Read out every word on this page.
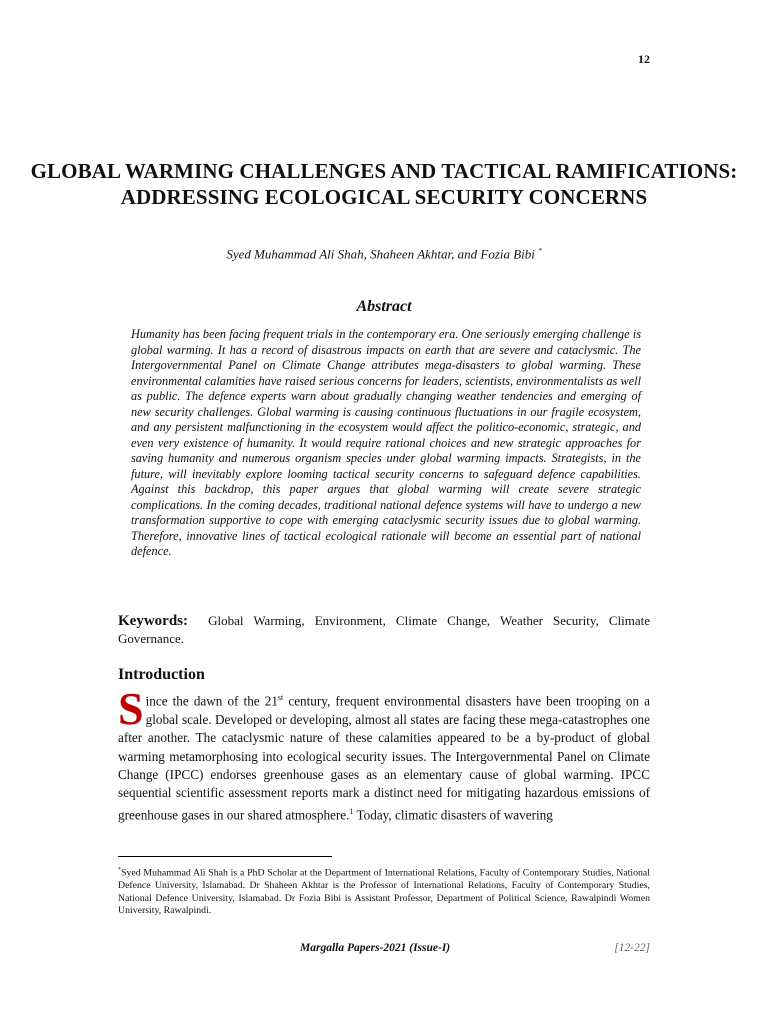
12
GLOBAL WARMING CHALLENGES AND TACTICAL RAMIFICATIONS: ADDRESSING ECOLOGICAL SECURITY CONCERNS
Syed Muhammad Ali Shah, Shaheen Akhtar, and Fozia Bibi *
Abstract
Humanity has been facing frequent trials in the contemporary era. One seriously emerging challenge is global warming. It has a record of disastrous impacts on earth that are severe and cataclysmic. The Intergovernmental Panel on Climate Change attributes mega-disasters to global warming. These environmental calamities have raised serious concerns for leaders, scientists, environmentalists as well as public. The defence experts warn about gradually changing weather tendencies and emerging of new security challenges. Global warming is causing continuous fluctuations in our fragile ecosystem, and any persistent malfunctioning in the ecosystem would affect the politico-economic, strategic, and even very existence of humanity. It would require rational choices and new strategic approaches for saving humanity and numerous organism species under global warming impacts. Strategists, in the future, will inevitably explore looming tactical security concerns to safeguard defence capabilities. Against this backdrop, this paper argues that global warming will create severe strategic complications. In the coming decades, traditional national defence systems will have to undergo a new transformation supportive to cope with emerging cataclysmic security issues due to global warming. Therefore, innovative lines of tactical ecological rationale will become an essential part of national defence.
Keywords: Global Warming, Environment, Climate Change, Weather Security, Climate Governance.
Introduction
Since the dawn of the 21st century, frequent environmental disasters have been trooping on a global scale. Developed or developing, almost all states are facing these mega-catastrophes one after another. The cataclysmic nature of these calamities appeared to be a by-product of global warming metamorphosing into ecological security issues. The Intergovernmental Panel on Climate Change (IPCC) endorses greenhouse gases as an elementary cause of global warming. IPCC sequential scientific assessment reports mark a distinct need for mitigating hazardous emissions of greenhouse gases in our shared atmosphere.$^1$ Today, climatic disasters of wavering
*Syed Muhammad Ali Shah is a PhD Scholar at the Department of International Relations, Faculty of Contemporary Studies, National Defence University, Islamabad. Dr Shaheen Akhtar is the Professor of International Relations, Faculty of Contemporary Studies, National Defence University, Islamabad. Dr Fozia Bibi is Assistant Professor, Department of Political Science, Rawalpindi Women University, Rawalpindi.
Margalla Papers-2021 (Issue-I)	[12-22]
